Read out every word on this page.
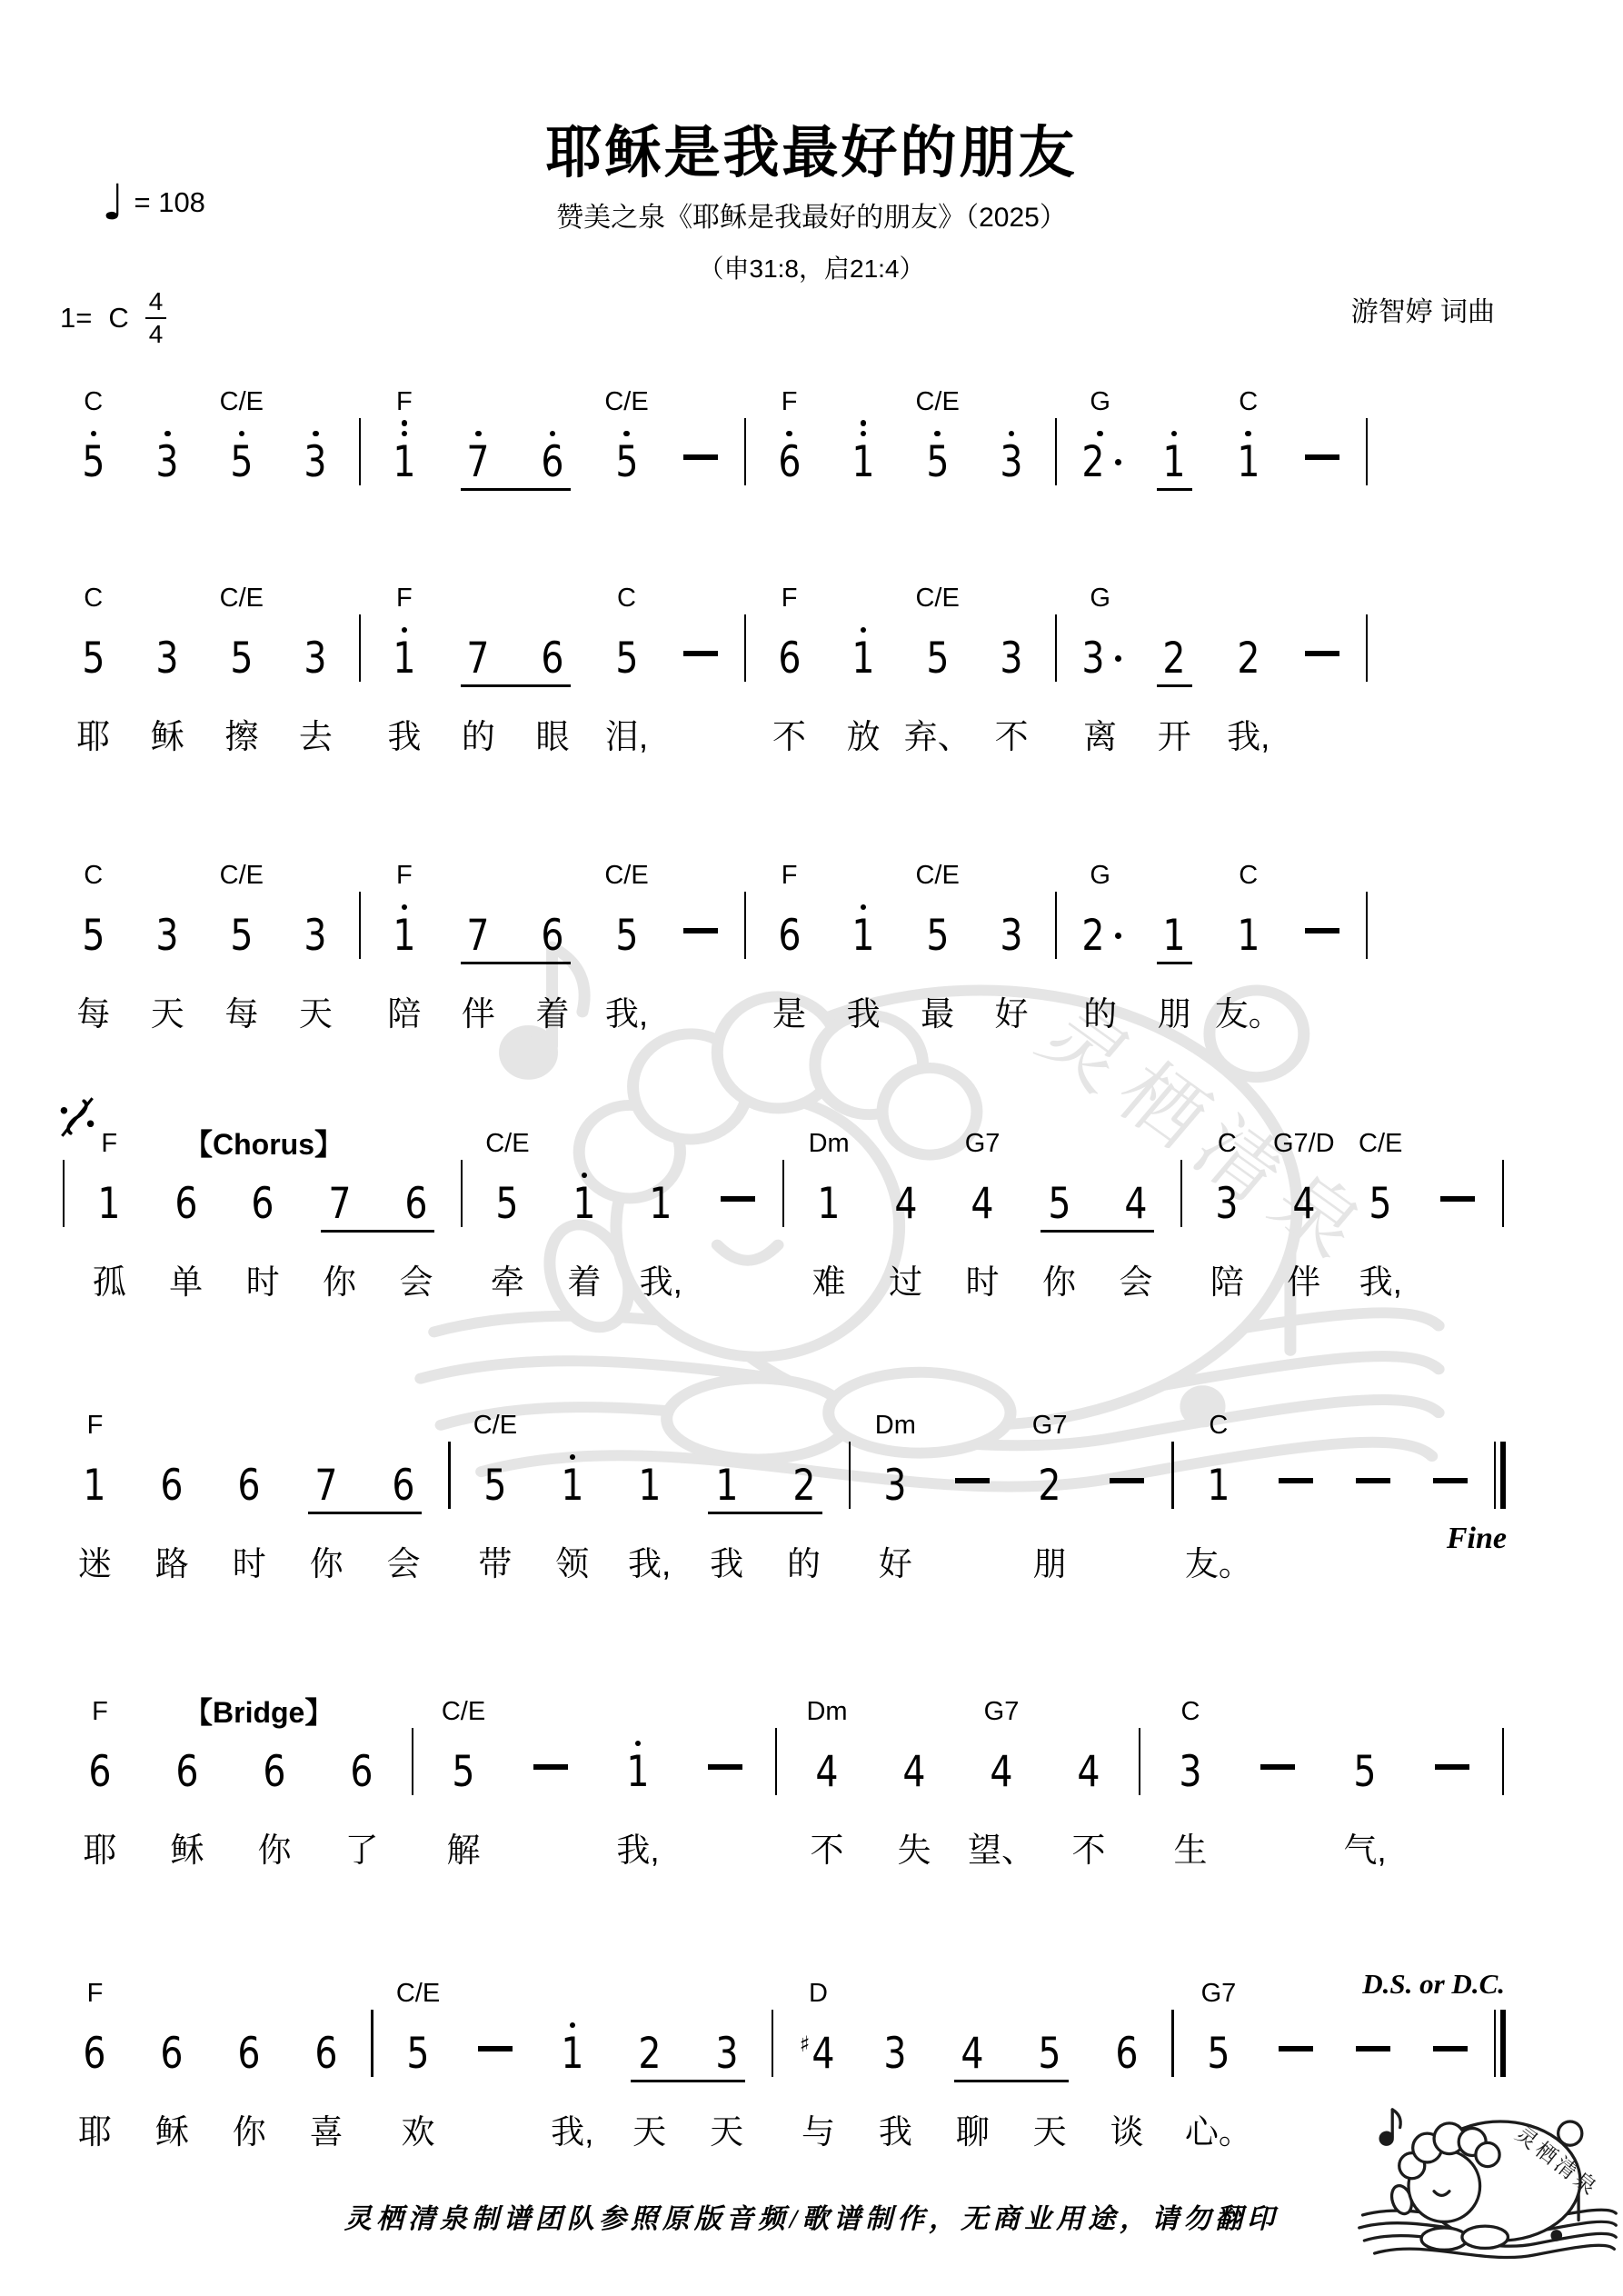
耶稣是我最好的朋友
♩ = 108	赞美之泉《耶稣是我最好的朋友》（2025）
（申31:8，启21:4）
1= C $\frac{4}{4}$	游智婷 词曲
C
5 3
C/E
5 3
F
1 7 6
C/E
5
F
6 1
C/E
5 3
G
2 1
C
1
C
5
耶
3
稣
C/E
5
擦
3
去
F
1
我
7
的
6
眼
C
5
泪,
F
6
不
1
放
C/E
5
弃、
3
不
G
3
离
2
开
2
我,
C
5
每
3
天
C/E
5
每
3
天
F
1
陪
7
伴
6
着
C/E
5
我,
F
6
是
1
我
C/E
5
最
3
好
G
2
的
1
朋
C
1
友。
【Chorus】
F
1
孤
6
单
6
时
7
你
6
会
C/E
5
牵
1
着
1
我,
Dm
1
难
4
过
G7
4
时
5
你
4
会
C
3
陪
G7/D
4
伴
C/E
5
我,
Fine
F
1
迷
6
路
6
时
7
你
6
会
C/E
5
带
1
领
1
我,
1
我
2
的
Dm
3
好
G7
2
朋
C
1
友。
【Bridge】
F
6
耶
6
稣
6
你
6
了
C/E
5
解
1
我,
Dm
4
不
4
失
G7
4
望、
4
不
C
3
生
5
气,
D.S. or D.C.
F
6
耶
6
稣
6
你
6
喜
C/E
5
欢
1
我,
2
天
3
天
D
♯ 4
与
3
我
4
聊
5
天
6
谈
G7
5
心。
灵栖清泉制谱团队参照原版音频/歌谱制作，无商业用途，请勿翻印
